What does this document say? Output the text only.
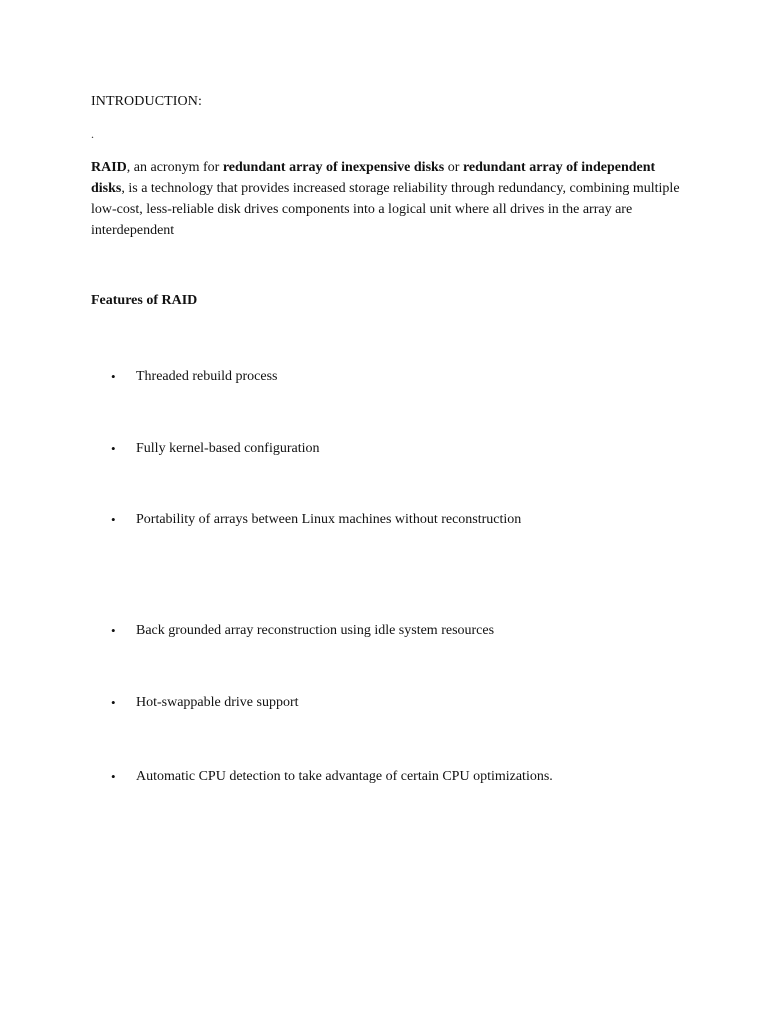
INTRODUCTION:
.
RAID, an acronym for redundant array of inexpensive disks or redundant array of independent disks, is a technology that provides increased storage reliability through redundancy, combining multiple low-cost, less-reliable disk drives components into a logical unit where all drives in the array are interdependent
Features of RAID
•	Threaded rebuild process
•	Fully kernel-based configuration
•	Portability of arrays between Linux machines without reconstruction
•	Back grounded array reconstruction using idle system resources
•	Hot-swappable drive support
•	Automatic CPU detection to take advantage of certain CPU optimizations.
